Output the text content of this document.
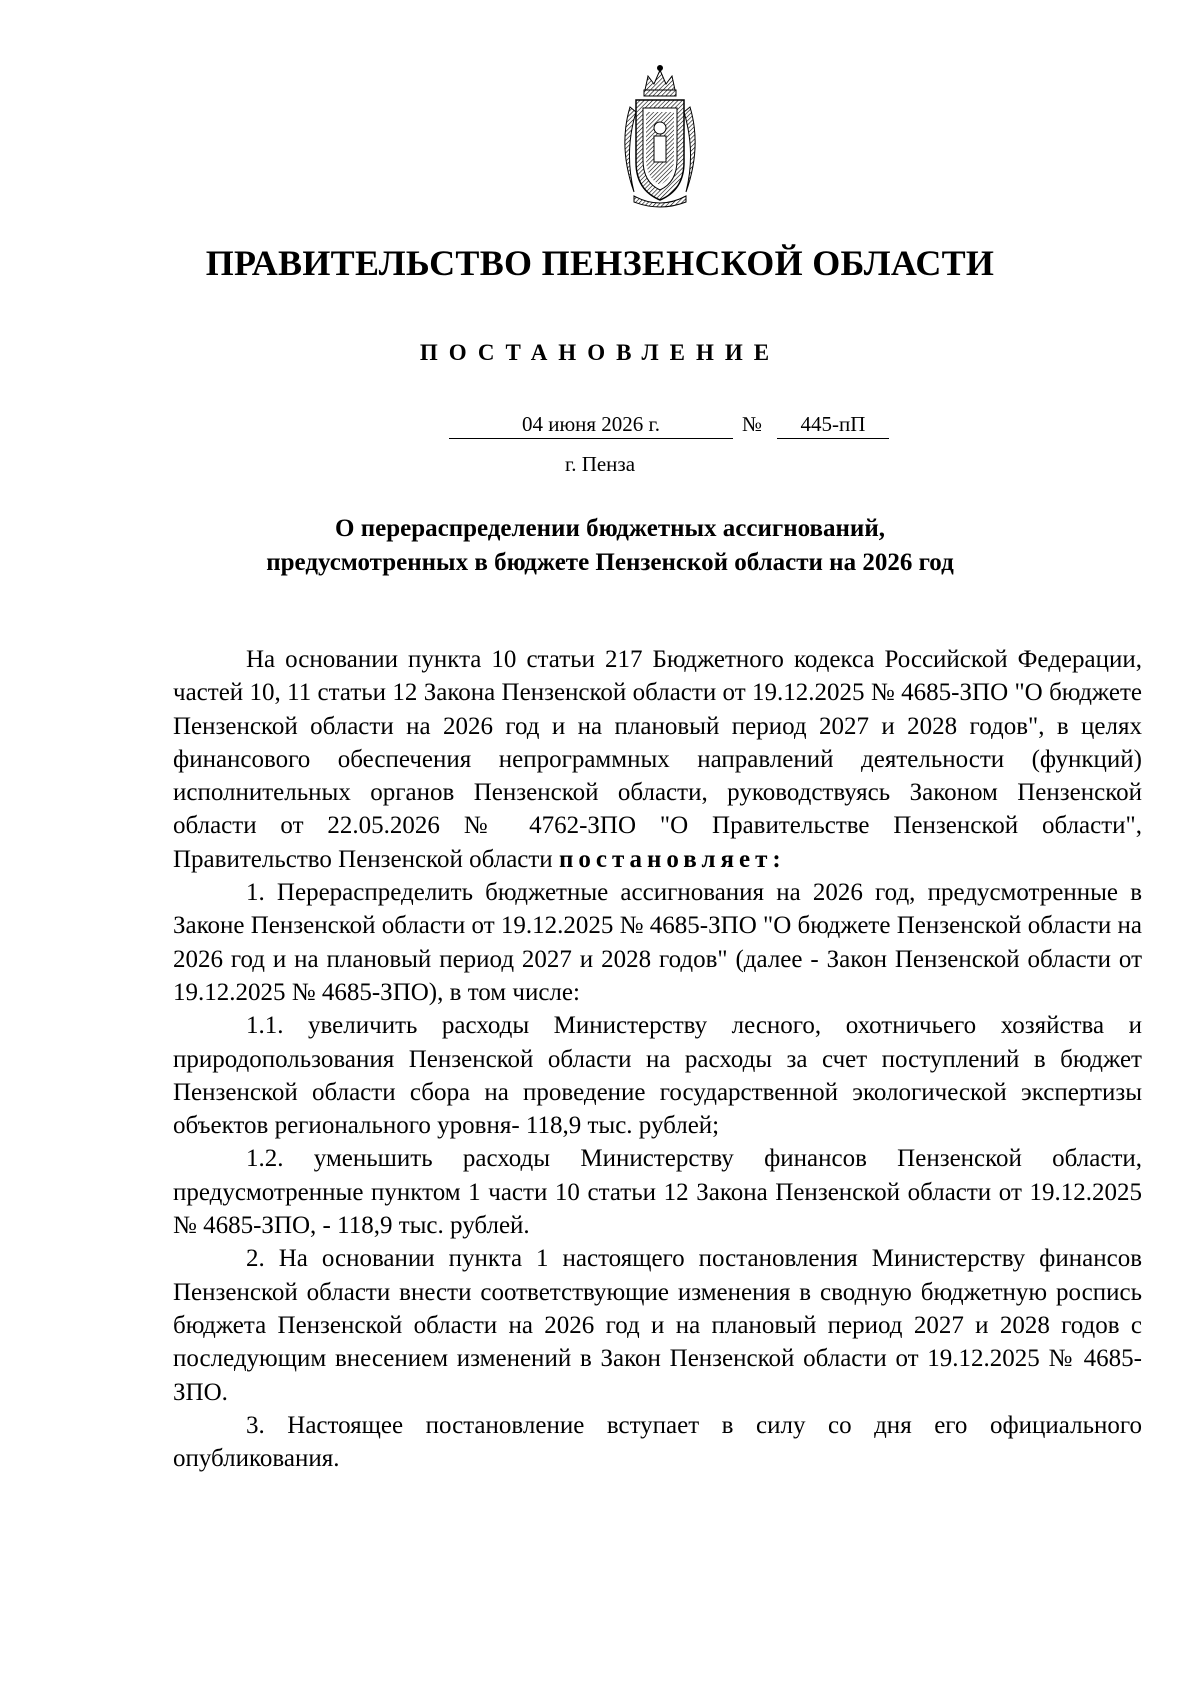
ПРАВИТЕЛЬСТВО ПЕНЗЕНСКОЙ ОБЛАСТИ
ПОСТАНОВЛЕНИЕ
04 июня 2026 г.	№	445-пП
г. Пенза
О перераспределении бюджетных ассигнований,
предусмотренных в бюджете Пензенской области на 2026 год

На основании пункта 10 статьи 217 Бюджетного кодекса Российской Федерации, частей 10, 11 статьи 12 Закона Пензенской области от 19.12.2025 № 4685-ЗПО "О бюджете Пензенской области на 2026 год и на плановый период 2027 и 2028 годов", в целях финансового обеспечения непрограммных направлений деятельности (функций) исполнительных органов Пензенской области, руководствуясь Законом Пензенской области от 22.05.2026 № 4762-ЗПО "О Правительстве Пензенской области", Правительство Пензенской области постановляет:

1. Перераспределить бюджетные ассигнования на 2026 год, предусмотренные в Законе Пензенской области от 19.12.2025 № 4685-ЗПО "О бюджете Пензенской области на 2026 год и на плановый период 2027 и 2028 годов" (далее - Закон Пензенской области от 19.12.2025 № 4685-ЗПО), в том числе:

1.1. увеличить расходы Министерству лесного, охотничьего хозяйства и природопользования Пензенской области на расходы за счет поступлений в бюджет Пензенской области сбора на проведение государственной экологической экспертизы объектов регионального уровня- 118,9 тыс. рублей;

1.2. уменьшить расходы Министерству финансов Пензенской области, предусмотренные пунктом 1 части 10 статьи 12 Закона Пензенской области от 19.12.2025 № 4685-ЗПО, - 118,9 тыс. рублей.

2. На основании пункта 1 настоящего постановления Министерству финансов Пензенской области внести соответствующие изменения в сводную бюджетную роспись бюджета Пензенской области на 2026 год и на плановый период 2027 и 2028 годов с последующим внесением изменений в Закон Пензенской области от 19.12.2025 № 4685-ЗПО.

3. Настоящее постановление вступает в силу со дня его официального опубликования.
